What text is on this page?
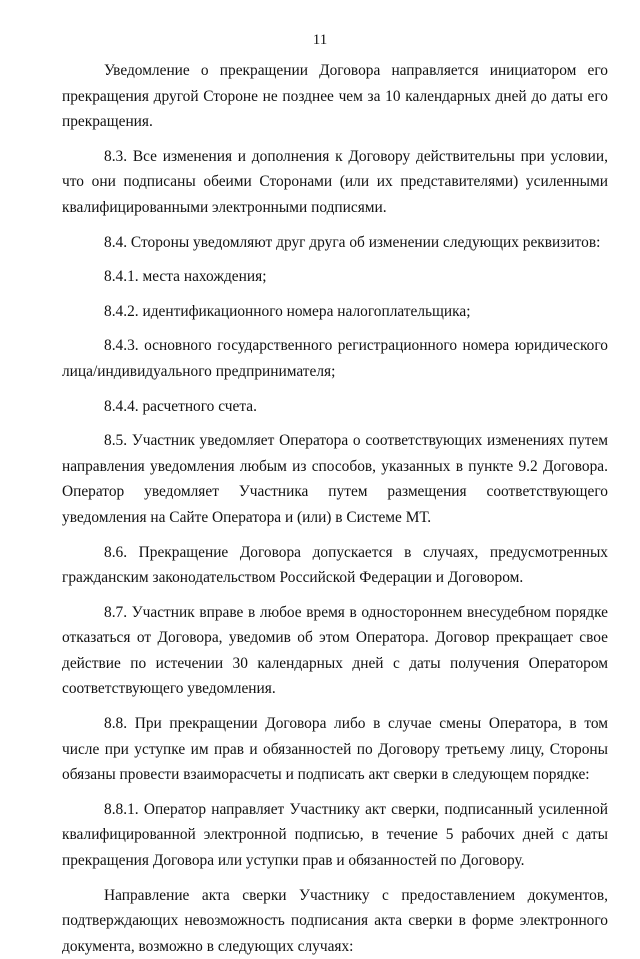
11

Уведомление о прекращении Договора направляется инициатором его прекращения другой Стороне не позднее чем за 10 календарных дней до даты его прекращения.

8.3. Все изменения и дополнения к Договору действительны при условии, что они подписаны обеими Сторонами (или их представителями) усиленными квалифицированными электронными подписями.

8.4. Стороны уведомляют друг друга об изменении следующих реквизитов:

8.4.1. места нахождения;

8.4.2. идентификационного номера налогоплательщика;

8.4.3. основного государственного регистрационного номера юридического лица/индивидуального предпринимателя;

8.4.4. расчетного счета.

8.5. Участник уведомляет Оператора о соответствующих изменениях путем направления уведомления любым из способов, указанных в пункте 9.2 Договора. Оператор уведомляет Участника путем размещения соответствующего уведомления на Сайте Оператора и (или) в Системе МТ.

8.6. Прекращение Договора допускается в случаях, предусмотренных гражданским законодательством Российской Федерации и Договором.

8.7. Участник вправе в любое время в одностороннем внесудебном порядке отказаться от Договора, уведомив об этом Оператора. Договор прекращает свое действие по истечении 30 календарных дней с даты получения Оператором соответствующего уведомления.

8.8. При прекращении Договора либо в случае смены Оператора, в том числе при уступке им прав и обязанностей по Договору третьему лицу, Стороны обязаны провести взаиморасчеты и подписать акт сверки в следующем порядке:

8.8.1. Оператор направляет Участнику акт сверки, подписанный усиленной квалифицированной электронной подписью, в течение 5 рабочих дней с даты прекращения Договора или уступки прав и обязанностей по Договору.

Направление акта сверки Участнику с предоставлением документов, подтверждающих невозможность подписания акта сверки в форме электронного документа, возможно в следующих случаях:
